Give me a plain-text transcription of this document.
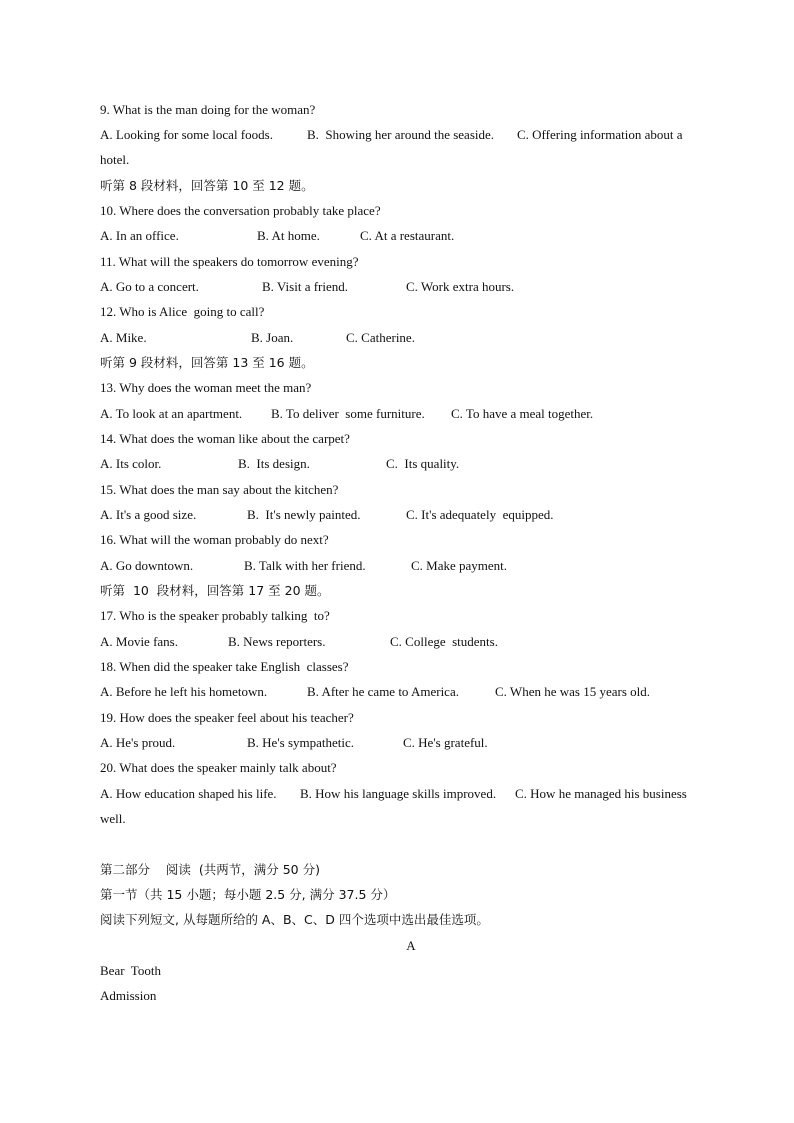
9. What is the man doing for the woman?
A. Looking for some local foods.	B.  Showing her around the seaside. C. Offering information about a
hotel.
听第 8 段材料，回答第 10 至 12 题。
10. Where does the conversation probably take place?
A. In an office.	B. At home.	C. At a restaurant.
11. What will the speakers do tomorrow evening?
A. Go to a concert.	B. Visit a friend.	C. Work extra hours.
12. Who is Alice  going to call?
A. Mike.	B. Joan.	C. Catherine.
听第 9 段材料，回答第 13 至 16 题。
13. Why does the woman meet the man?
A. To look at an apartment. B. To deliver  some furniture. C. To have a meal together.
14. What does the woman like about the carpet?
A. Its color.	B.  Its design.	C.  Its quality.
15. What does the man say about the kitchen?
A. It's a good size.	B.  It's newly painted.	C. It's adequately  equipped.
16. What will the woman probably do next?
A. Go downtown.	B. Talk with her friend.	C. Make payment.
听第  10  段材料，回答第 17 至 20 题。
17. Who is the speaker probably talking  to?
A. Movie fans.	B. News reporters.	C. College  students.
18. When did the speaker take English  classes?
A. Before he left his hometown.	B. After he came to America.	C. When he was 15 years old.
19. How does the speaker feel about his teacher?
A. He's proud.	B. He's sympathetic.	C. He's grateful.
20. What does the speaker mainly talk about?
A. How education shaped his life. B. How his language skills improved. C. How he managed his business
well.
第二部分    阅读  (共两节，满分 50 分)
第一节（共 15 小题；每小题 2.5 分, 满分 37.5 分）
阅读下列短文, 从每题所给的 A、B、C、D 四个选项中选出最佳选项。
A
Bear  Tooth
Admission
